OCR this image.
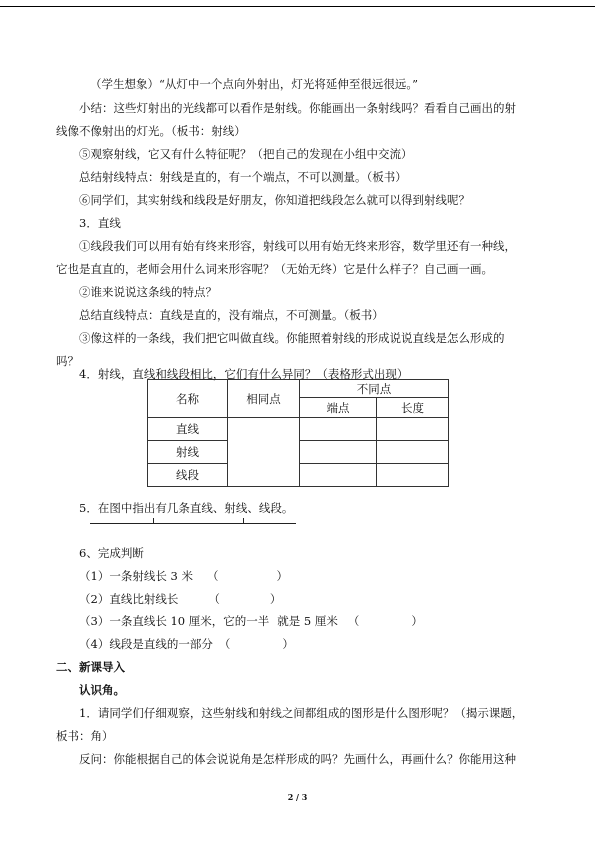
（学生想象）“从灯中一个点向外射出，灯光将延伸至很远很远。”
小结：这些灯射出的光线都可以看作是射线。你能画出一条射线吗？看看自己画出的射
线像不像射出的灯光。（板书：射线）
⑤观察射线，它又有什么特征呢？（把自己的发现在小组中交流）
总结射线特点：射线是直的，有一个端点，不可以测量。（板书）
⑥同学们，其实射线和线段是好朋友，你知道把线段怎么就可以得到射线呢？
3．直线
①线段我们可以用有始有终来形容，射线可以用有始无终来形容，数学里还有一种线，
它也是直直的，老师会用什么词来形容呢？（无始无终）它是什么样子？自己画一画。
②谁来说说这条线的特点？
总结直线特点：直线是直的，没有端点，不可测量。（板书）
③像这样的一条线，我们把它叫做直线。你能照着射线的形成说说直线是怎么形成的
吗？
4．射线，直线和线段相比，它们有什么异同？（表格形式出现）
名称	相同点	不同点	
		端点	长度
直线			
射线			
线段			
5．在图中指出有几条直线、射线、线段。
6、完成判断
（1）一条射线长 3 米 （	）
（2）直线比射线长	（	）
（3）一条直线长 10 厘米，它的一半 就是 5 厘米 （	）
（4）线段是直线的一部分 （	）
二、新课导入
认识角。
1．请同学们仔细观察，这些射线和射线之间都组成的图形是什么图形呢？（揭示课题，
板书：角）
反问：你能根据自己的体会说说角是怎样形成的吗？先画什么，再画什么？你能用这种
2 / 3
